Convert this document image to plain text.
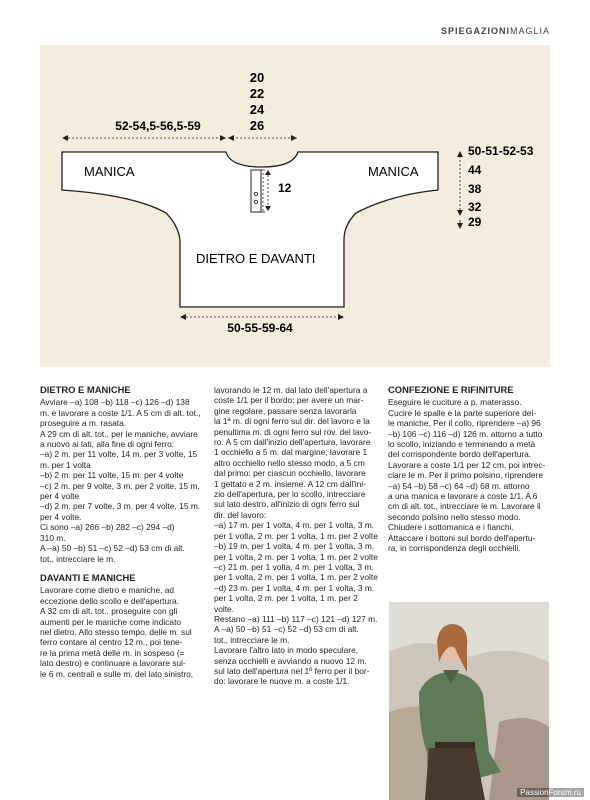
SPIEGAZIONIMAGLIA
20
22
24
26
52-54,5-56,5-59
50-51-52-53
44
38
32
29
12
MANICA	MANICA
DIETRO E DAVANTI
50-55-59-64

DIETRO E MANICHE

Avviare –a) 108 –b) 118 –c) 126 –d) 138

m. e lavorare a coste 1/1. A 5 cm di alt. tot.,

proseguire a m. rasata.

A 29 cm di alt. tot., per le maniche, avviare

a nuovo ai lati, alla fine di ogni ferro:

–a) 2 m. per 11 volte, 14 m. per 3 volte, 15

m. per 1 volta

–b) 2 m. per 11 volte, 15 m. per 4 volte

–c) 2 m. per 9 volte, 3 m. per 2 volte, 15 m.

per 4 volte

–d) 2 m. per 7 volte, 3 m. per 4 volte, 15 m.

per 4 volte.

Ci sono –a) 266 –b) 282 –c) 294 –d)

310 m.

A –a) 50 –b) 51 –c) 52 –d) 53 cm di alt.

tot., intrecciare le m.

DAVANTI E MANICHE

Lavorare come dietro e maniche, ad

eccezione dello scollo e dell'apertura.

A 32 cm di alt. tot., proseguire con gli

aumenti per le maniche come indicato

nel dietro. Allo stesso tempo, delle m. sul

ferro contare al centro 12 m., poi tene-

re la prima metà delle m. in sospeso (=

lato destro) e continuare a lavorare sul-

le 6 m. centrali e sulle m. del lato sinistro,

lavorando le 12 m. dal lato dell'apertura a

coste 1/1 per il bordo: per avere un mar-

gine regolare, passare senza lavorarla

la 1ª m. di ogni ferro sul dir. del lavoro e la

penultima m. di ogni ferro sul rov. del lavo-

ro. A 5 cm dall'inizio dell'apertura, lavorare

1 occhiello a 5 m. dal margine; lavorare 1

altro occhiello nello stesso modo, a 5 cm

dal primo: per ciascun occhiello, lavorare

1 gettato e 2 m. insieme. A 12 cm dall'ini-

zio dell'apertura, per lo scollo, intrecciare

sul lato destro, all'inizio di ogni ferro sul

dir. del lavoro:

–a) 17 m. per 1 volta, 4 m. per 1 volta, 3 m.

per 1 volta, 2 m. per 1 volta, 1 m. per 2 volte

–b) 19 m. per 1 volta, 4 m. per 1 volta, 3 m.

per 1 volta, 2 m. per 1 volta, 1 m. per 2 volte

–c) 21 m. per 1 volta, 4 m. per 1 volta, 3 m.

per 1 volta, 2 m. per 1 volta, 1 m. per 2 volte

–d) 23 m. per 1 volta, 4 m. per 1 volta, 3 m.

per 1 volta, 2 m. per 1 volta, 1 m. per 2 volte.

Restano –a) 111 –b) 117 –c) 121 –d) 127 m.

A –a) 50 –b) 51 –c) 52 –d) 53 cm di alt.

tot., intrecciare le m.

Lavorare l'altro lato in modo speculare,

senza occhielli e avviando a nuovo 12 m.

sul lato dell'apertura nel 1º ferro per il bor-

do: lavorare le nuove m. a coste 1/1.

CONFEZIONE E RIFINITURE

Eseguire le cuciture a p. materasso.

Cucire le spalle e la parte superiore del-

le maniche. Per il collo, riprendere –a) 96

–b) 106 –c) 116 –d) 126 m. attorno a tutto

lo scollo, iniziando e terminando a metà

del corrispondente bordo dell'apertura.

Lavorare a coste 1/1 per 12 cm, poi intrec-

ciare le m. Per il primo polsino, riprendere

–a) 54 –b) 58 –c) 64 –d) 68 m. attorno

a una manica e lavorare a coste 1/1. A 6

cm di alt. tot., intrecciare le m. Lavorare il

secondo polsino nello stesso modo.

Chiudere i sottomanica e i fianchi.

Attaccare i bottoni sul bordo dell'apertu-

ra, in corrispondenza degli occhielli.

PassionForum.ru
